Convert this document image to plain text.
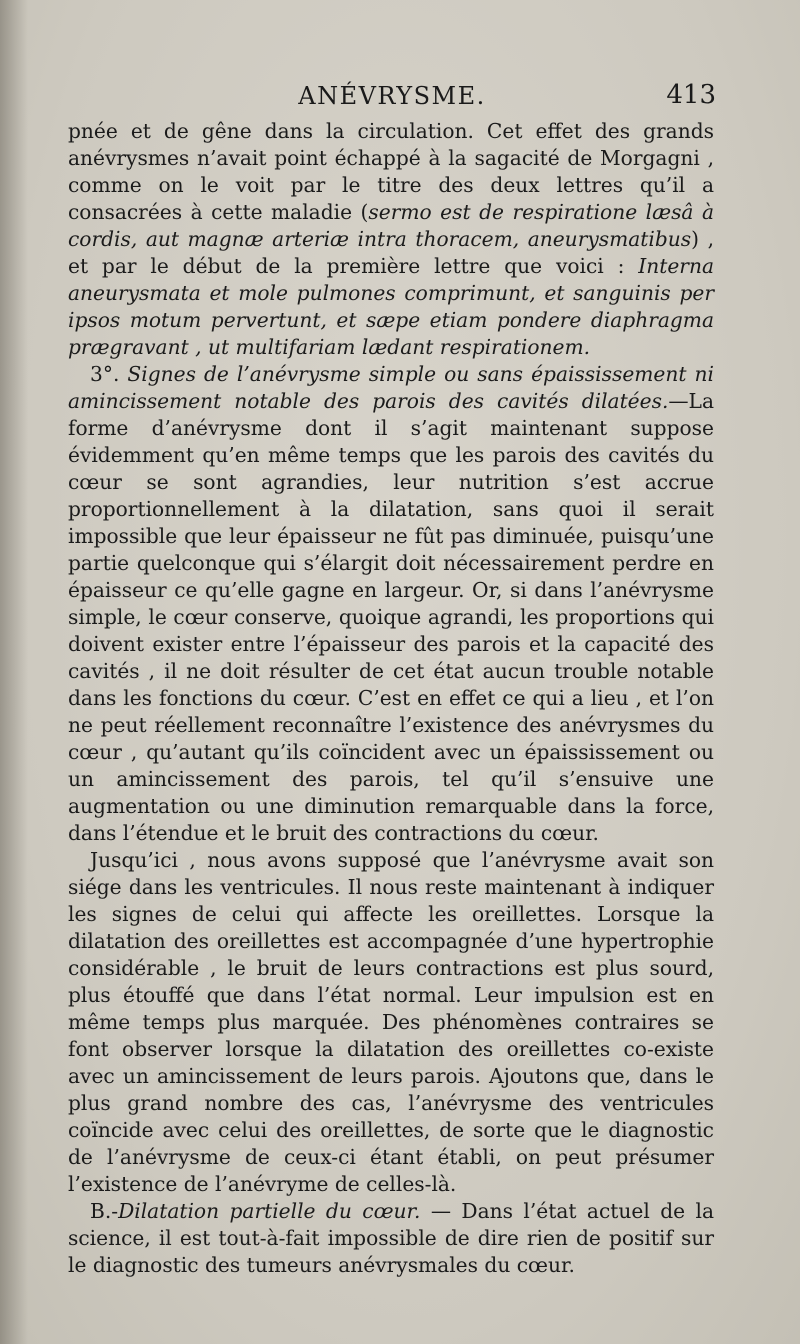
ANÉVRYSME.	413

pnée et de gêne dans la circulation. Cet effet des grands anévrysmes n’avait point échappé à la sagacité de Morgagni , comme on le voit par le titre des deux lettres qu’il a consacrées à cette maladie (sermo est de respiratione læsâ à cordis, aut magnæ arteriæ intra thoracem, aneurysmatibus) , et par le début de la première lettre que voici : Interna aneurysmata et mole pulmones comprimunt, et sanguinis per ipsos motum pervertunt, et sæpe etiam pondere diaphragma prægravant , ut multifariam lædant respirationem.

3°. Signes de l’anévrysme simple ou sans épaississement ni amincissement notable des parois des cavités dilatées.—La forme d’anévrysme dont il s’agit maintenant suppose évidemment qu’en même temps que les parois des cavités du cœur se sont agrandies, leur nutrition s’est accrue proportionnellement à la dilatation, sans quoi il serait impossible que leur épaisseur ne fût pas diminuée, puisqu’une partie quelconque qui s’élargit doit nécessairement perdre en épaisseur ce qu’elle gagne en largeur. Or, si dans l’anévrysme simple, le cœur conserve, quoique agrandi, les proportions qui doivent exister entre l’épaisseur des parois et la capacité des cavités , il ne doit résulter de cet état aucun trouble notable dans les fonctions du cœur. C’est en effet ce qui a lieu , et l’on ne peut réellement reconnaître l’existence des anévrysmes du cœur , qu’autant qu’ils coïncident avec un épaississement ou un amincissement des parois, tel qu’il s’ensuive une augmentation ou une diminution remarquable dans la force, dans l’étendue et le bruit des contractions du cœur.

Jusqu’ici , nous avons supposé que l’anévrysme avait son siége dans les ventricules. Il nous reste maintenant à indiquer les signes de celui qui affecte les oreillettes. Lorsque la dilatation des oreillettes est accompagnée d’une hypertrophie considérable , le bruit de leurs contractions est plus sourd, plus étouffé que dans l’état normal. Leur impulsion est en même temps plus marquée. Des phénomènes contraires se font observer lorsque la dilatation des oreillettes co-existe avec un amincissement de leurs parois. Ajoutons que, dans le plus grand nombre des cas, l’anévrysme des ventricules coïncide avec celui des oreillettes, de sorte que le diagnostic de l’anévrysme de ceux-ci étant établi, on peut présumer l’existence de l’anévryme de celles-là.

B.-Dilatation partielle du cœur. — Dans l’état actuel de la science, il est tout-à-fait impossible de dire rien de positif sur le diagnostic des tumeurs anévrysmales du cœur.
